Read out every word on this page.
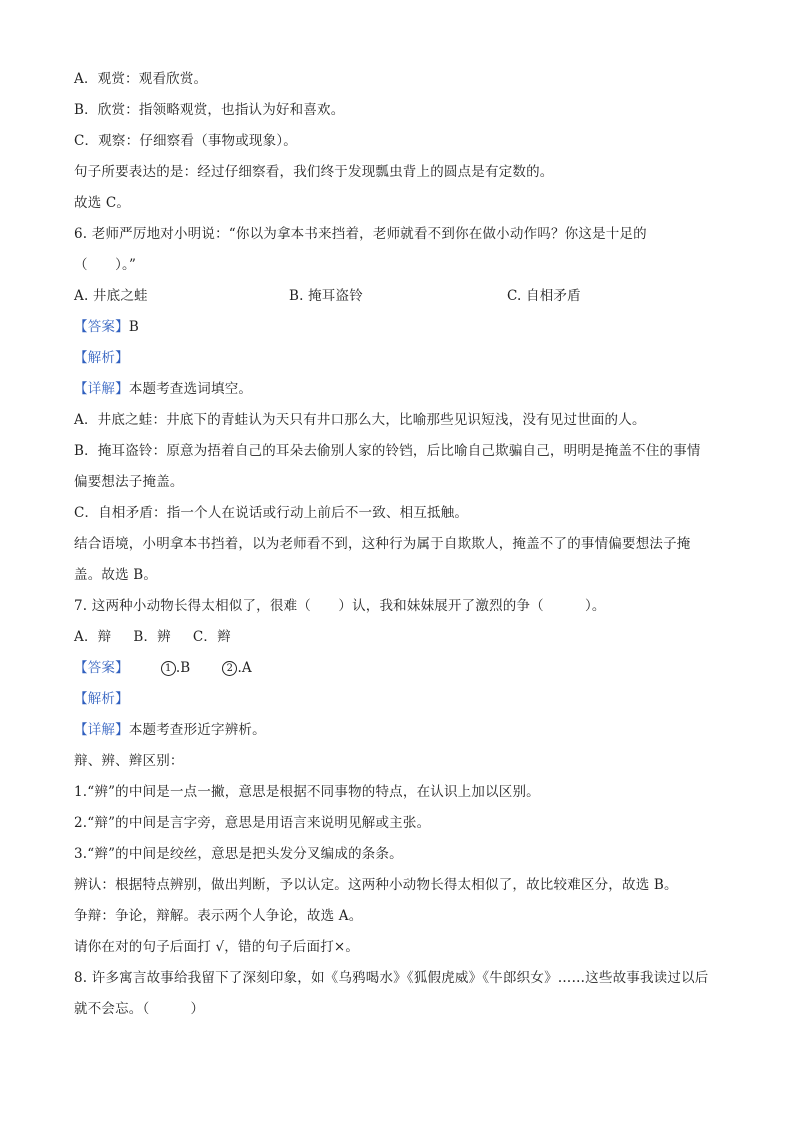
A．观赏：观看欣赏。
B．欣赏：指领略观赏，也指认为好和喜欢。
C．观察：仔细察看（事物或现象）。
句子所要表达的是：经过仔细察看，我们终于发现瓢虫背上的圆点是有定数的。
故选 C。
6. 老师严厉地对小明说：“你以为拿本书来挡着，老师就看不到你在做小动作吗？你这是十足的
（　　）。”
A. 井底之蛙	B. 掩耳盗铃	C. 自相矛盾
【答案】B
【解析】
【详解】本题考查选词填空。
A．井底之蛙：井底下的青蛙认为天只有井口那么大，比喻那些见识短浅，没有见过世面的人。
B．掩耳盗铃：原意为捂着自己的耳朵去偷别人家的铃铛，后比喻自己欺骗自己，明明是掩盖不住的事情
偏要想法子掩盖。
C．自相矛盾：指一个人在说话或行动上前后不一致、相互抵触。
结合语境，小明拿本书挡着，以为老师看不到，这种行为属于自欺欺人，掩盖不了的事情偏要想法子掩
盖。故选 B。
7. 这两种小动物长得太相似了，很难（　　）认，我和妹妹展开了激烈的争（　　　）。
A．辩 B．辨 C．辫
【答案】	1 .B	2 .A
【解析】
【详解】本题考查形近字辨析。
辩、辨、辫区别：
1.“辨”的中间是一点一撇，意思是根据不同事物的特点，在认识上加以区别。
2.“辩”的中间是言字旁，意思是用语言来说明见解或主张。
3.“辫”的中间是绞丝，意思是把头发分叉编成的条条。
辨认：根据特点辨别，做出判断，予以认定。这两种小动物长得太相似了，故比较难区分，故选 B。
争辩：争论，辩解。表示两个人争论，故选 A。
请你在对的句子后面打 √，错的句子后面打×。
8. 许多寓言故事给我留下了深刻印象，如《乌鸦喝水》《狐假虎威》《牛郎织女》……这些故事我读过以后
就不会忘。（　　　）
